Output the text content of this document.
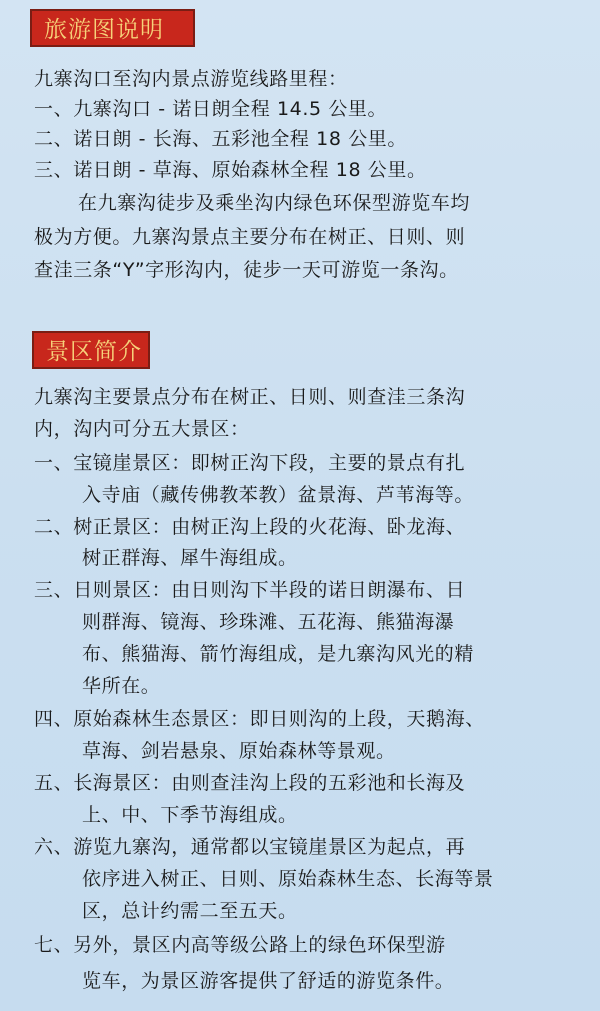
旅游图说明
九寨沟口至沟内景点游览线路里程：
一、九寨沟口 - 诺日朗全程 14.5 公里。
二、诺日朗 - 长海、五彩池全程 18 公里。
三、诺日朗 - 草海、原始森林全程 18 公里。
在九寨沟徒步及乘坐沟内绿色环保型游览车均
极为方便。九寨沟景点主要分布在树正、日则、则
查洼三条“Y”字形沟内，徒步一天可游览一条沟。
景区简介
九寨沟主要景点分布在树正、日则、则查洼三条沟
内，沟内可分五大景区：
一、宝镜崖景区：即树正沟下段，主要的景点有扎
入寺庙（藏传佛教苯教）盆景海、芦苇海等。
二、树正景区：由树正沟上段的火花海、卧龙海、
树正群海、犀牛海组成。
三、日则景区：由日则沟下半段的诺日朗瀑布、日
则群海、镜海、珍珠滩、五花海、熊猫海瀑
布、熊猫海、箭竹海组成，是九寨沟风光的精
华所在。
四、原始森林生态景区：即日则沟的上段，天鹅海、
草海、剑岩悬泉、原始森林等景观。
五、长海景区：由则查洼沟上段的五彩池和长海及
上、中、下季节海组成。
六、游览九寨沟，通常都以宝镜崖景区为起点，再
依序进入树正、日则、原始森林生态、长海等景
区，总计约需二至五天。
七、另外，景区内高等级公路上的绿色环保型游
览车，为景区游客提供了舒适的游览条件。
